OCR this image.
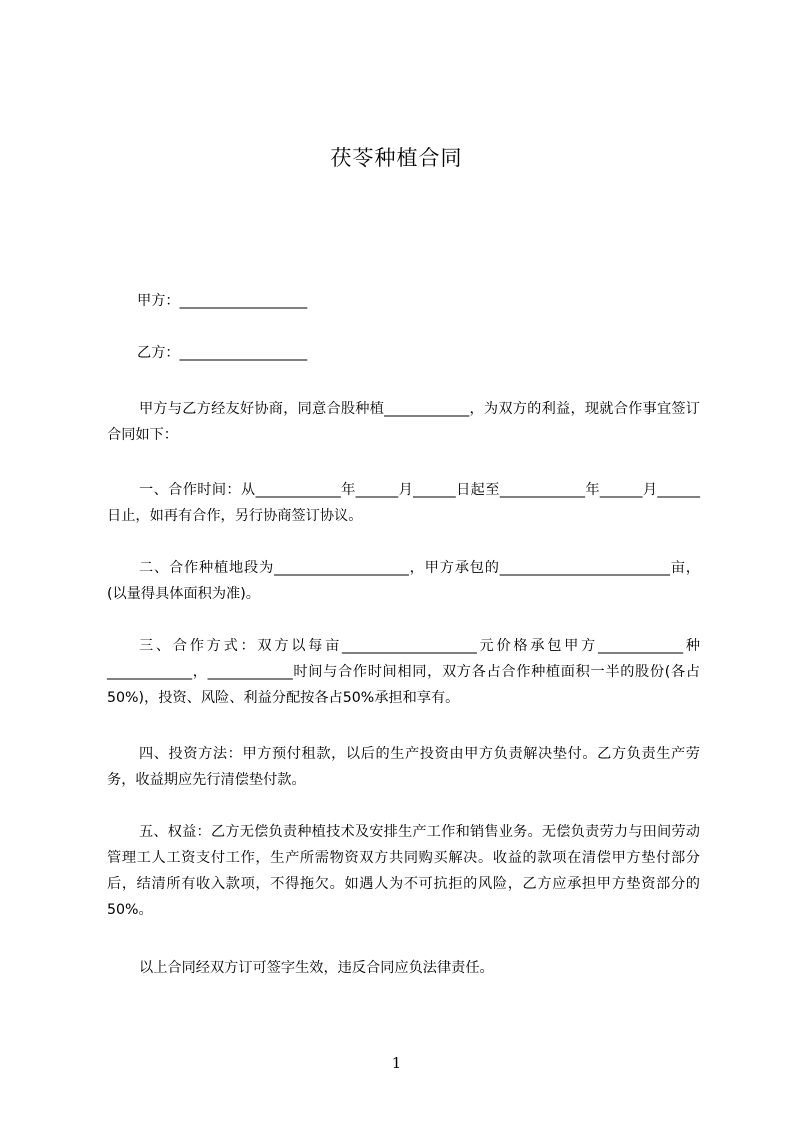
茯苓种植合同
甲方：__________________
乙方：__________________

甲方与乙方经友好协商，同意合股种植____________，为双方的利益，现就合作事宜签订合同如下：

一、合作时间：从____________年______月______日起至____________年______月______日止，如再有合作，另行协商签订协议。

二、合作种植地段为___________________，甲方承包的________________________亩，(以量得具体面积为准)。

三、合作方式：双方以每亩___________________元价格承包甲方____________种____________，____________时间与合作时间相同，双方各占合作种植面积一半的股份(各占50%)，投资、风险、利益分配按各占50%承担和享有。

四、投资方法：甲方预付租款，以后的生产投资由甲方负责解决垫付。乙方负责生产劳务，收益期应先行清偿垫付款。

五、权益：乙方无偿负责种植技术及安排生产工作和销售业务。无偿负责劳力与田间劳动管理工人工资支付工作，生产所需物资双方共同购买解决。收益的款项在清偿甲方垫付部分后，结清所有收入款项，不得拖欠。如遇人为不可抗拒的风险，乙方应承担甲方垫资部分的50%。

以上合同经双方订可签字生效，违反合同应负法律责任。

1
